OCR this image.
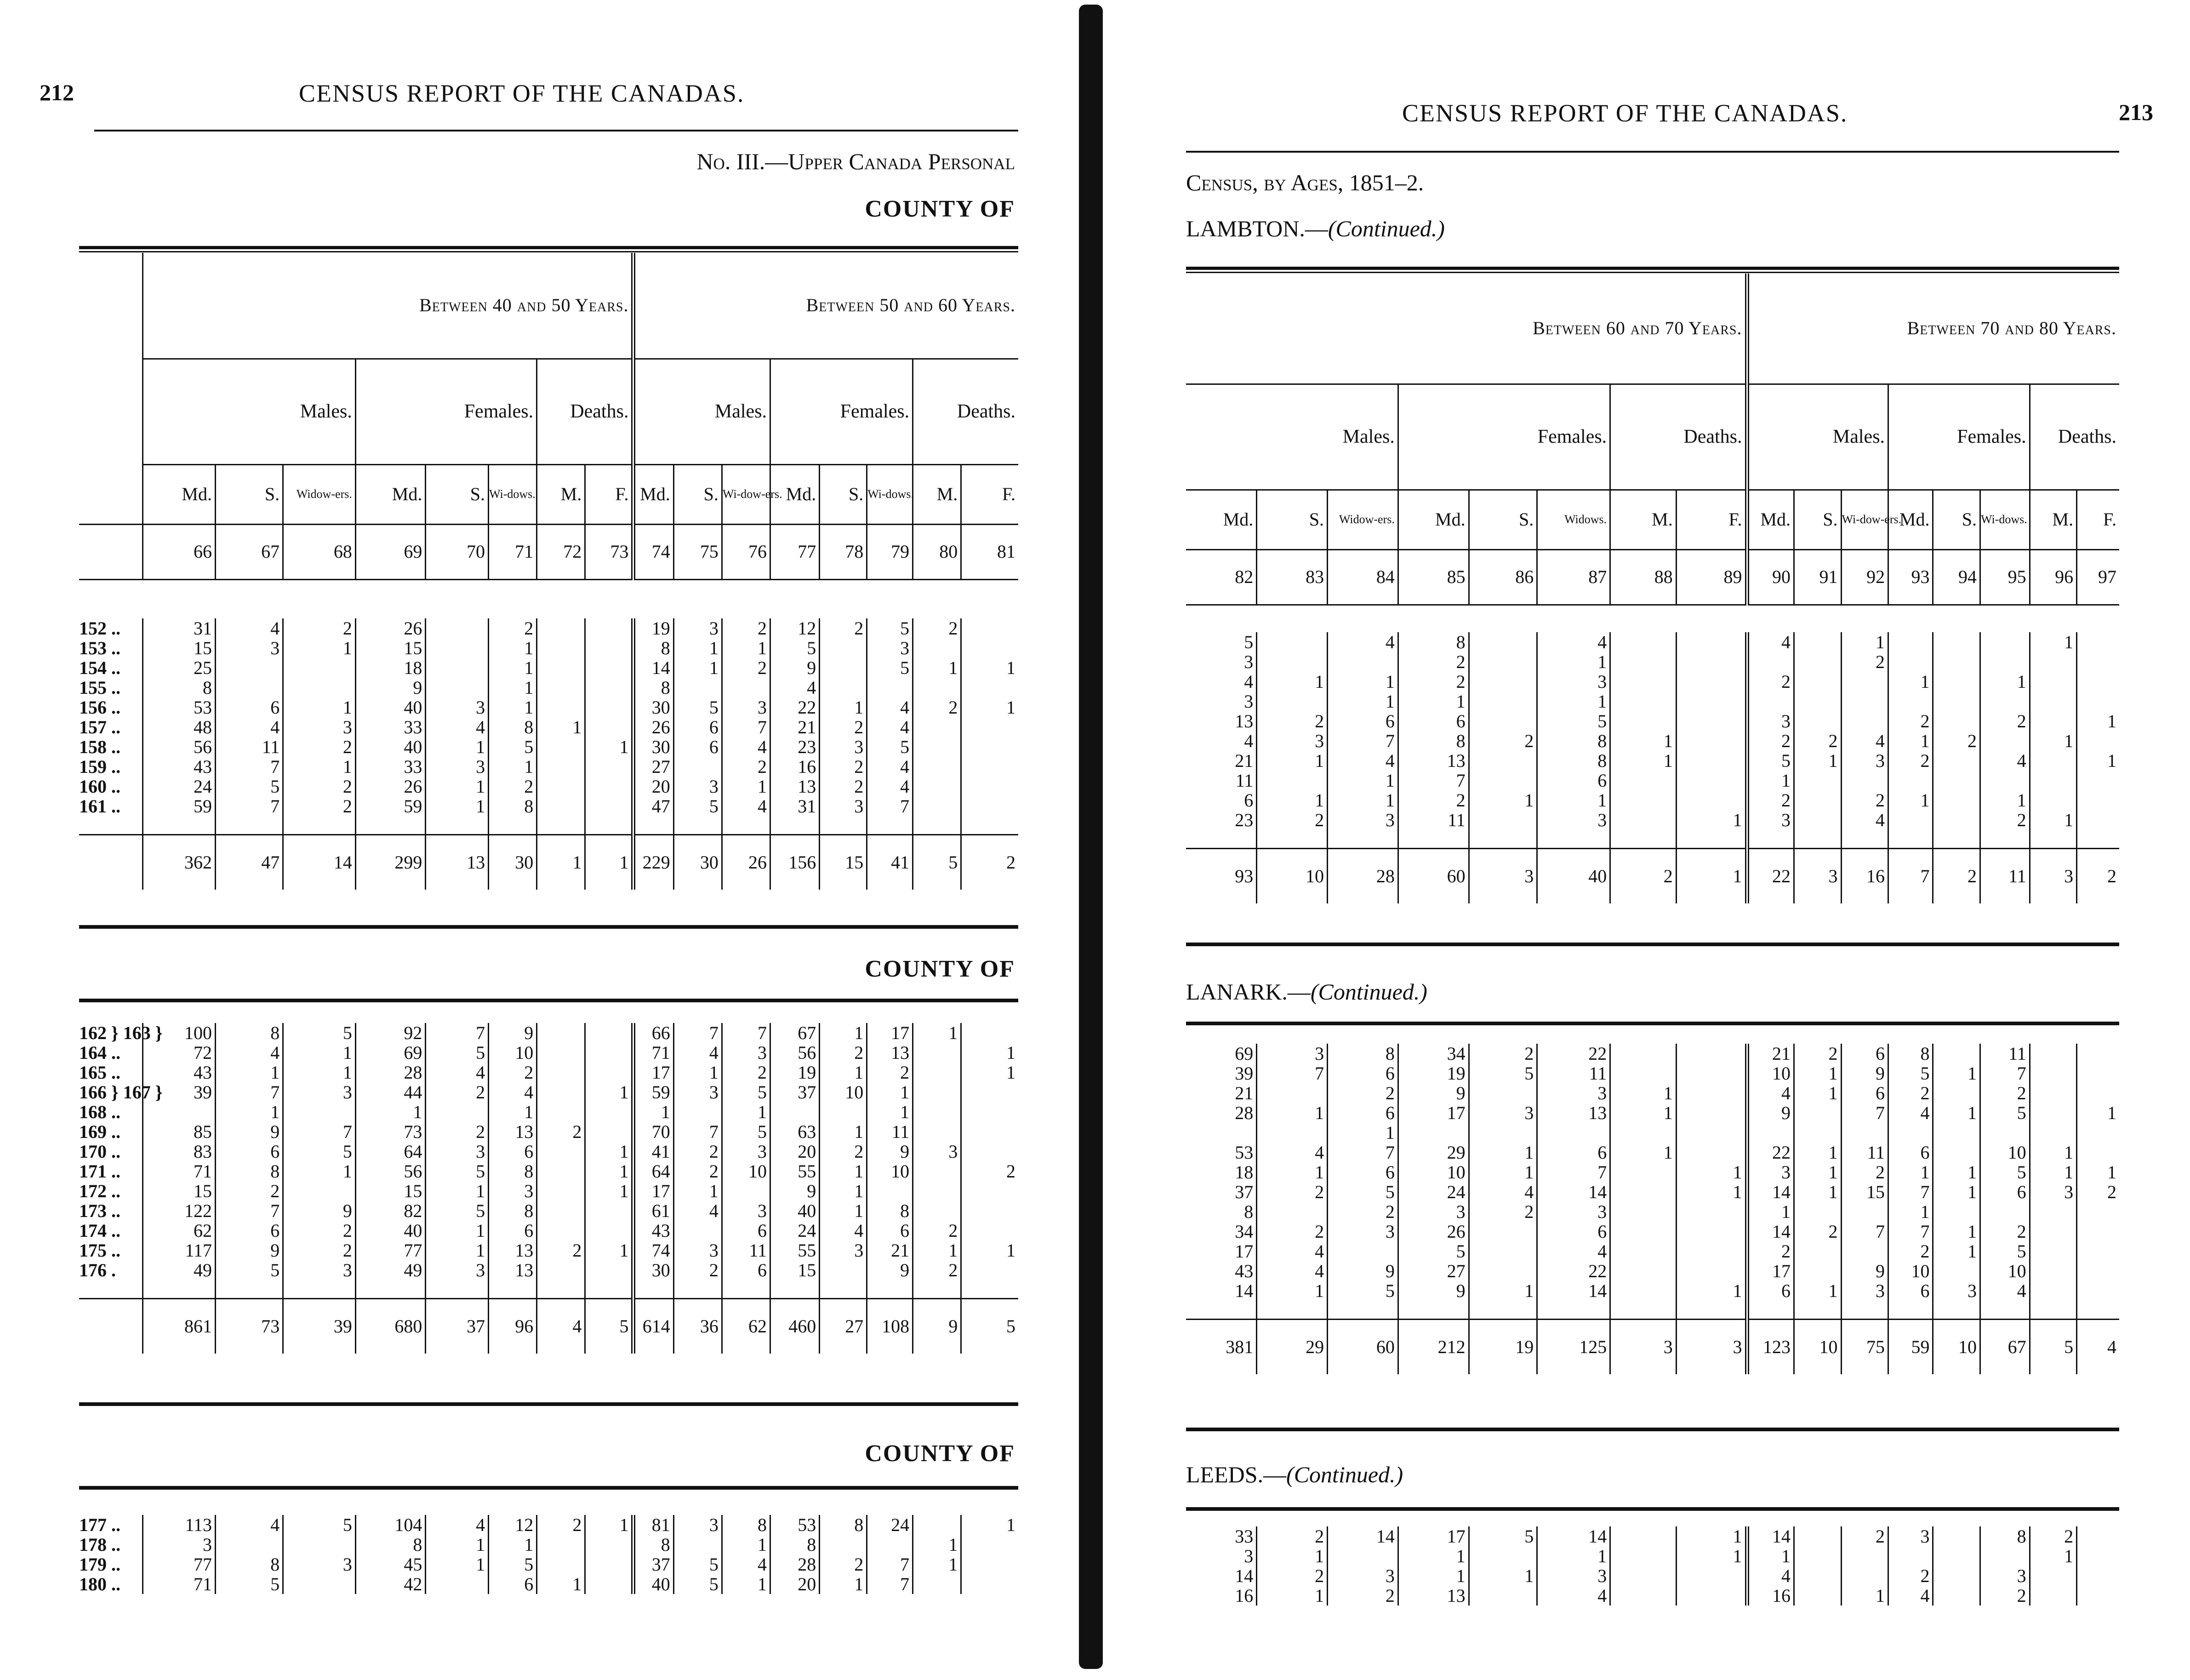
212	CENSUS REPORT OF THE CANADAS.
No. III.—Upper Canada Personal
COUNTY OF
	Between 40 and 50 Years.								Between 50 and 60 Years.							
	Males.			Females.			Deaths.		Males.			Females.			Deaths.	
	Md.	S.	Widow-ers.	Md.	S.	Wi-dows.	M.	F.	Md.	S.	Wi-dow-ers.	Md.	S.	Wi-dows.	M.	F.
	66	67	68	69	70	71	72	73	74	75	76	77	78	79	80	81
152 ..	31	4	2	26		2			19	3	2	12	2	5	2	
153 ..	15	3	1	15		1			8	1	1	5		3		
154 ..	25			18		1			14	1	2	9		5	1	1
155 ..	8			9		1			8			4				
156 ..	53	6	1	40	3	1			30	5	3	22	1	4	2	1
157 ..	48	4	3	33	4	8	1		26	6	7	21	2	4		
158 ..	56	11	2	40	1	5		1	30	6	4	23	3	5		
159 ..	43	7	1	33	3	1			27		2	16	2	4		
160 ..	24	5	2	26	1	2			20	3	1	13	2	4		
161 ..	59	7	2	59	1	8			47	5	4	31	3	7		

	362	47	14	299	13	30	1	1	229	30	26	156	15	41	5	2
COUNTY OF
162 } 163 }	100	8	5	92	7	9			66	7	7	67	1	17	1	
164 ..	72	4	1	69	5	10			71	4	3	56	2	13		1
165 ..	43	1	1	28	4	2			17	1	2	19	1	2		1
166 } 167 }	39	7	3	44	2	4		1	59	3	5	37	10	1		
168 ..		1		1		1			1		1			1		
169 ..	85	9	7	73	2	13	2		70	7	5	63	1	11		
170 ..	83	6	5	64	3	6		1	41	2	3	20	2	9	3	
171 ..	71	8	1	56	5	8		1	64	2	10	55	1	10		2
172 ..	15	2		15	1	3		1	17	1		9	1			
173 ..	122	7	9	82	5	8			61	4	3	40	1	8		
174 ..	62	6	2	40	1	6			43		6	24	4	6	2	
175 ..	117	9	2	77	1	13	2	1	74	3	11	55	3	21	1	1
176 .	49	5	3	49	3	13			30	2	6	15		9	2	

	861	73	39	680	37	96	4	5	614	36	62	460	27	108	9	5
COUNTY OF
177 ..	113	4	5	104	4	12	2	1	81	3	8	53	8	24		1
178 ..	3			8	1	1			8		1	8			1	
179 ..	77	8	3	45	1	5			37	5	4	28	2	7	1	
180 ..	71	5		42		6	1		40	5	1	20	1	7		
CENSUS REPORT OF THE CANADAS.	213
Census, by Ages, 1851–2.
LAMBTON.—(Continued.)
Between 60 and 70 Years.								Between 70 and 80 Years.							
Males.			Females.			Deaths.		Males.			Females.			Deaths.	
Md.	S.	Widow-ers.	Md.	S.	Widows.	M.	F.	Md.	S.	Wi-dow-ers.	Md.	S.	Wi-dows.	M.	F.
82	83	84	85	86	87	88	89	90	91	92	93	94	95	96	97
5		4	8		4			4		1				1	
3			2		1					2					
4	1	1	2		3			2			1		1		
3		1	1		1										
13	2	6	6		5			3			2		2		1
4	3	7	8	2	8	1		2	2	4	1	2		1	
21	1	4	13		8	1		5	1	3	2		4		1
11		1	7		6			1							
6	1	1	2	1	1			2		2	1		1		
23	2	3	11		3		1	3		4			2	1	

93	10	28	60	3	40	2	1	22	3	16	7	2	11	3	2
LANARK.—(Continued.)
69	3	8	34	2	22			21	2	6	8		11		
39	7	6	19	5	11			10	1	9	5	1	7		
21		2	9		3	1		4	1	6	2		2		
28	1	6	17	3	13	1		9		7	4	1	5		1
		1													
53	4	7	29	1	6	1		22	1	11	6		10	1	
18	1	6	10	1	7		1	3	1	2	1	1	5	1	1
37	2	5	24	4	14		1	14	1	15	7	1	6	3	2
8		2	3	2	3			1			1				
34	2	3	26		6			14	2	7	7	1	2		
17	4		5		4			2			2	1	5		
43	4	9	27		22			17		9	10		10		
14	1	5	9	1	14		1	6	1	3	6	3	4		

381	29	60	212	19	125	3	3	123	10	75	59	10	67	5	4
LEEDS.—(Continued.)
33	2	14	17	5	14		1	14		2	3		8	2	
3	1		1		1		1	1						1	
14	2	3	1	1	3			4			2		3		
16	1	2	13		4			16		1	4		2		
